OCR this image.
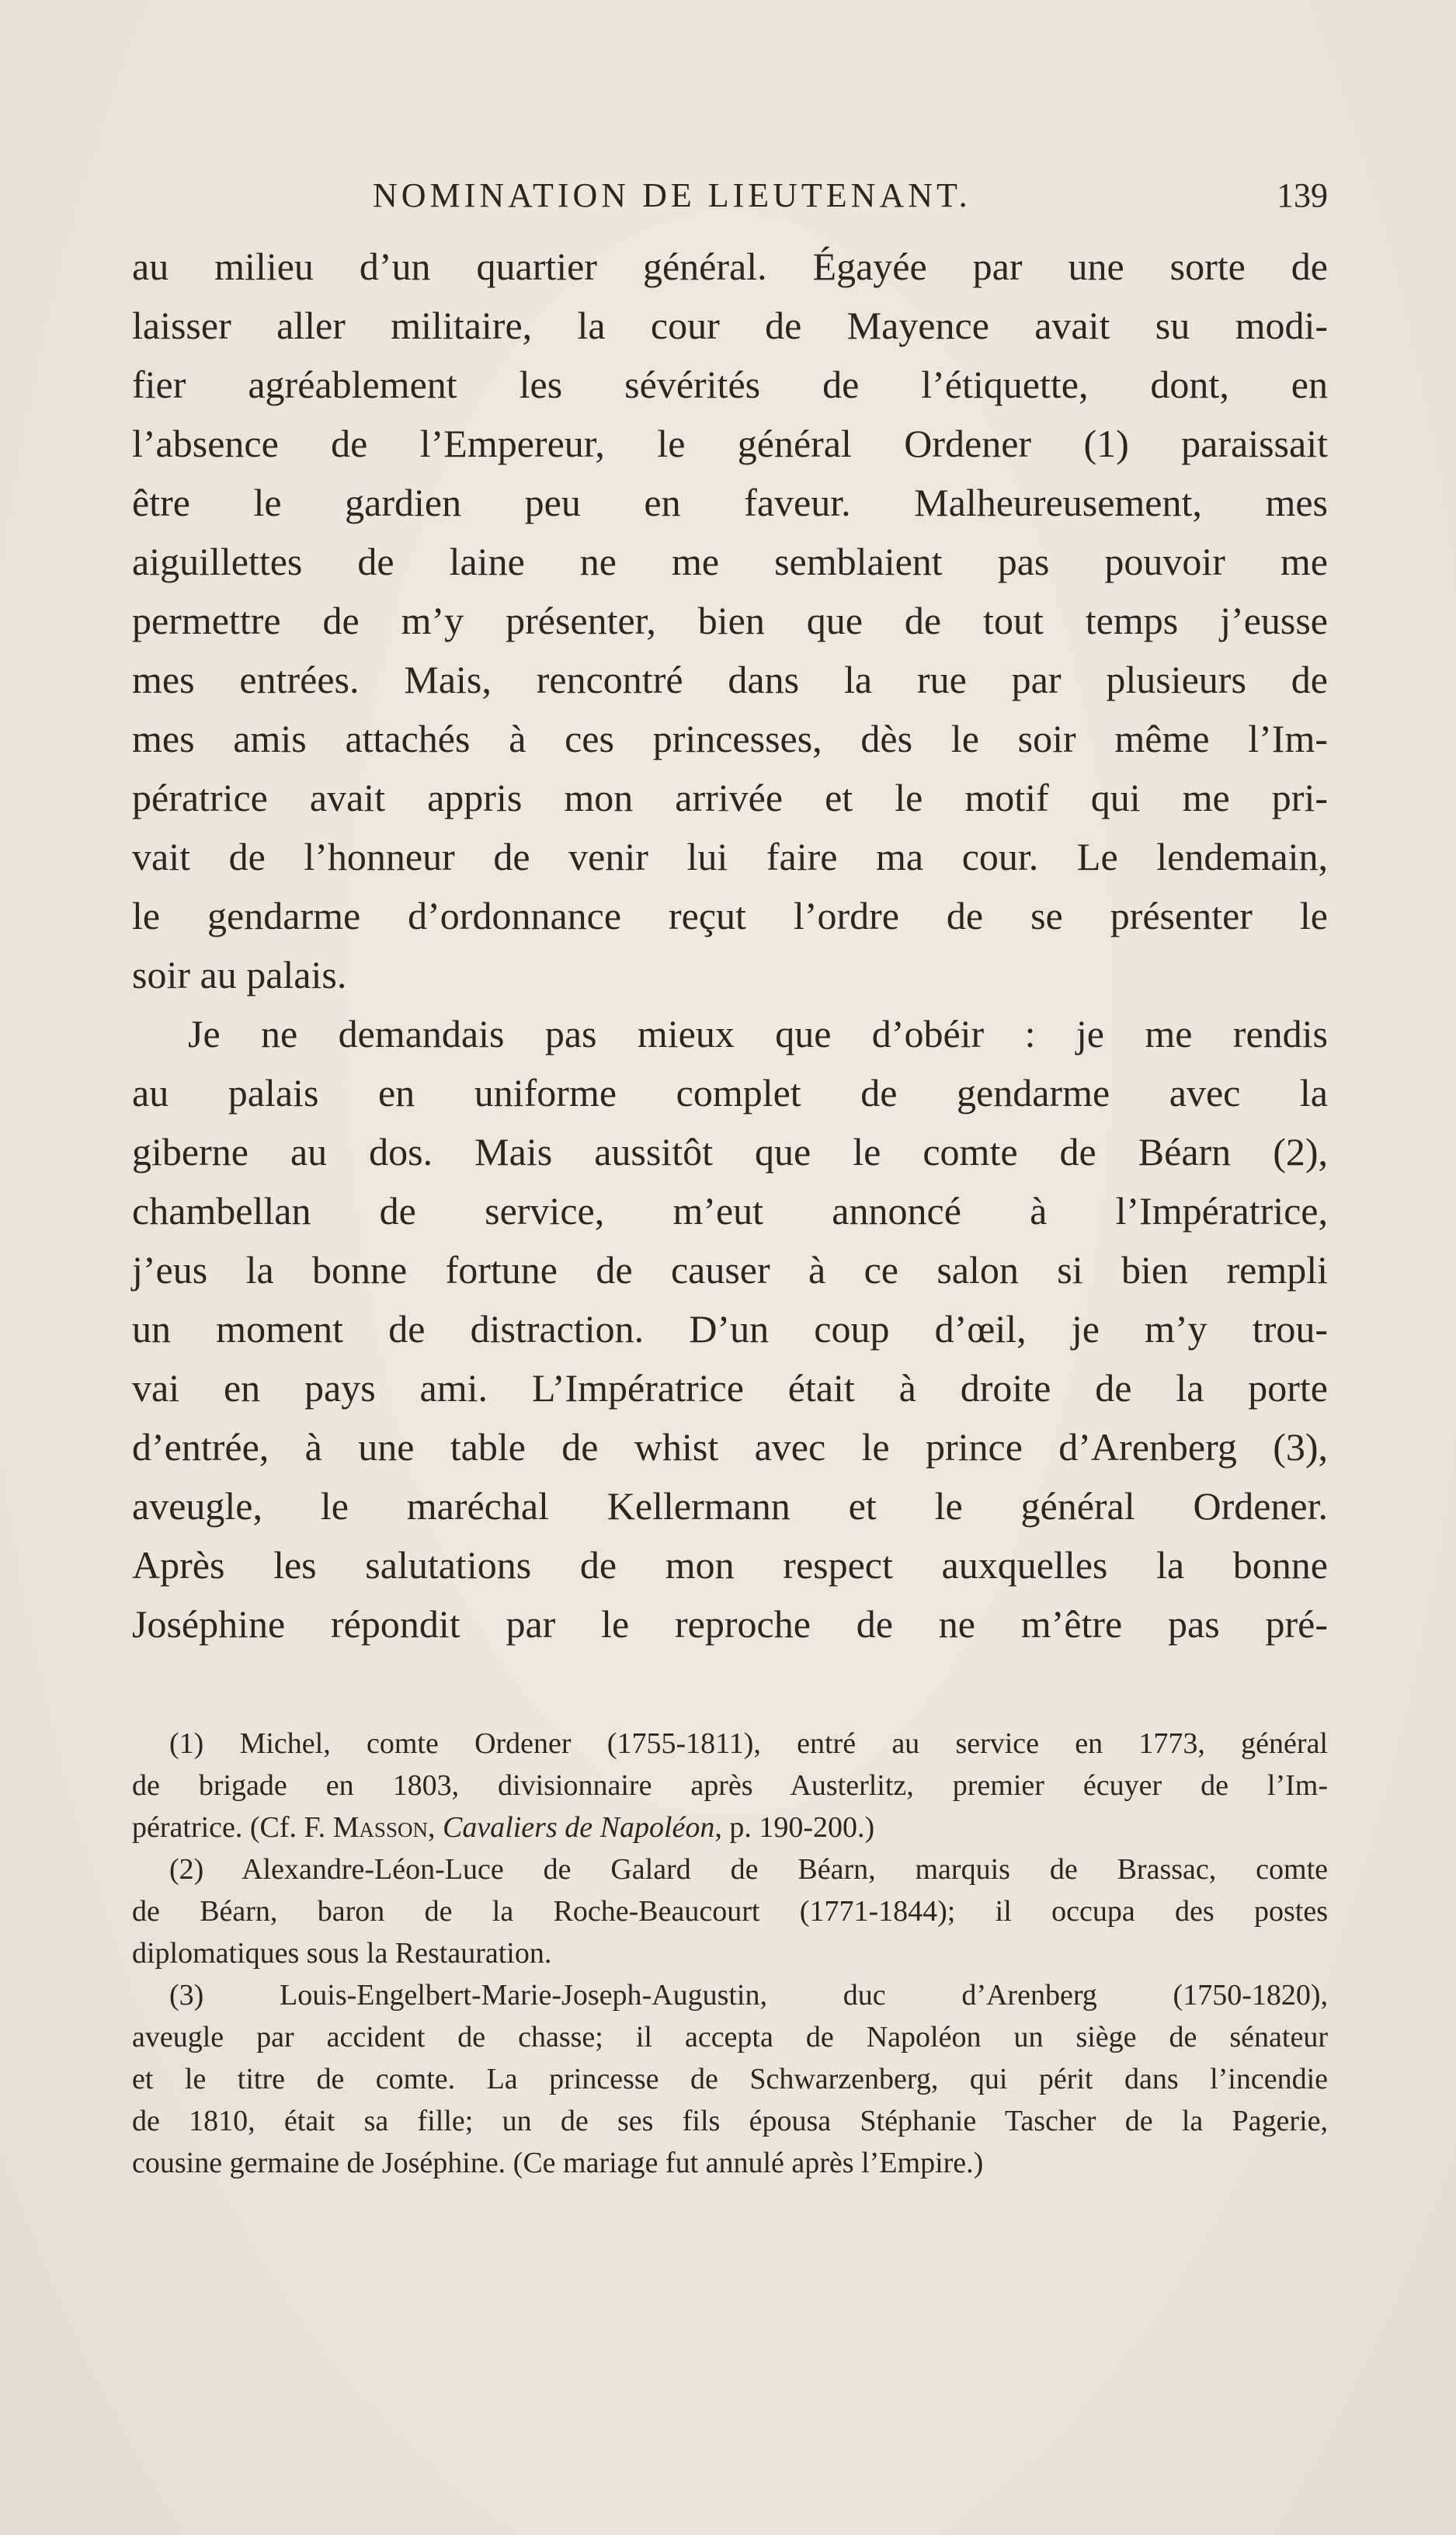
NOMINATION DE LIEUTENANT.	139
au milieu d’un quartier général. Égayée par une sorte de
laisser aller militaire, la cour de Mayence avait su modi-
fier agréablement les sévérités de l’étiquette, dont, en
l’absence de l’Empereur, le général Ordener (1) paraissait
être le gardien peu en faveur. Malheureusement, mes
aiguillettes de laine ne me semblaient pas pouvoir me
permettre de m’y présenter, bien que de tout temps j’eusse
mes entrées. Mais, rencontré dans la rue par plusieurs de
mes amis attachés à ces princesses, dès le soir même l’Im-
pératrice avait appris mon arrivée et le motif qui me pri-
vait de l’honneur de venir lui faire ma cour. Le lendemain,
le gendarme d’ordonnance reçut l’ordre de se présenter le
soir au palais.
Je ne demandais pas mieux que d’obéir : je me rendis
au palais en uniforme complet de gendarme avec la
giberne au dos. Mais aussitôt que le comte de Béarn (2),
chambellan de service, m’eut annoncé à l’Impératrice,
j’eus la bonne fortune de causer à ce salon si bien rempli
un moment de distraction. D’un coup d’œil, je m’y trou-
vai en pays ami. L’Impératrice était à droite de la porte
d’entrée, à une table de whist avec le prince d’Arenberg (3),
aveugle, le maréchal Kellermann et le général Ordener.
Après les salutations de mon respect auxquelles la bonne
Joséphine répondit par le reproche de ne m’être pas pré-
(1) Michel, comte Ordener (1755-1811), entré au service en 1773, général
de brigade en 1803, divisionnaire après Austerlitz, premier écuyer de l’Im-
pératrice. (Cf. F. Masson, Cavaliers de Napoléon, p. 190-200.)
(2) Alexandre-Léon-Luce de Galard de Béarn, marquis de Brassac, comte
de Béarn, baron de la Roche-Beaucourt (1771-1844); il occupa des postes
diplomatiques sous la Restauration.
(3) Louis-Engelbert-Marie-Joseph-Augustin, duc d’Arenberg (1750-1820),
aveugle par accident de chasse; il accepta de Napoléon un siège de sénateur
et le titre de comte. La princesse de Schwarzenberg, qui périt dans l’incendie
de 1810, était sa fille; un de ses fils épousa Stéphanie Tascher de la Pagerie,
cousine germaine de Joséphine. (Ce mariage fut annulé après l’Empire.)
